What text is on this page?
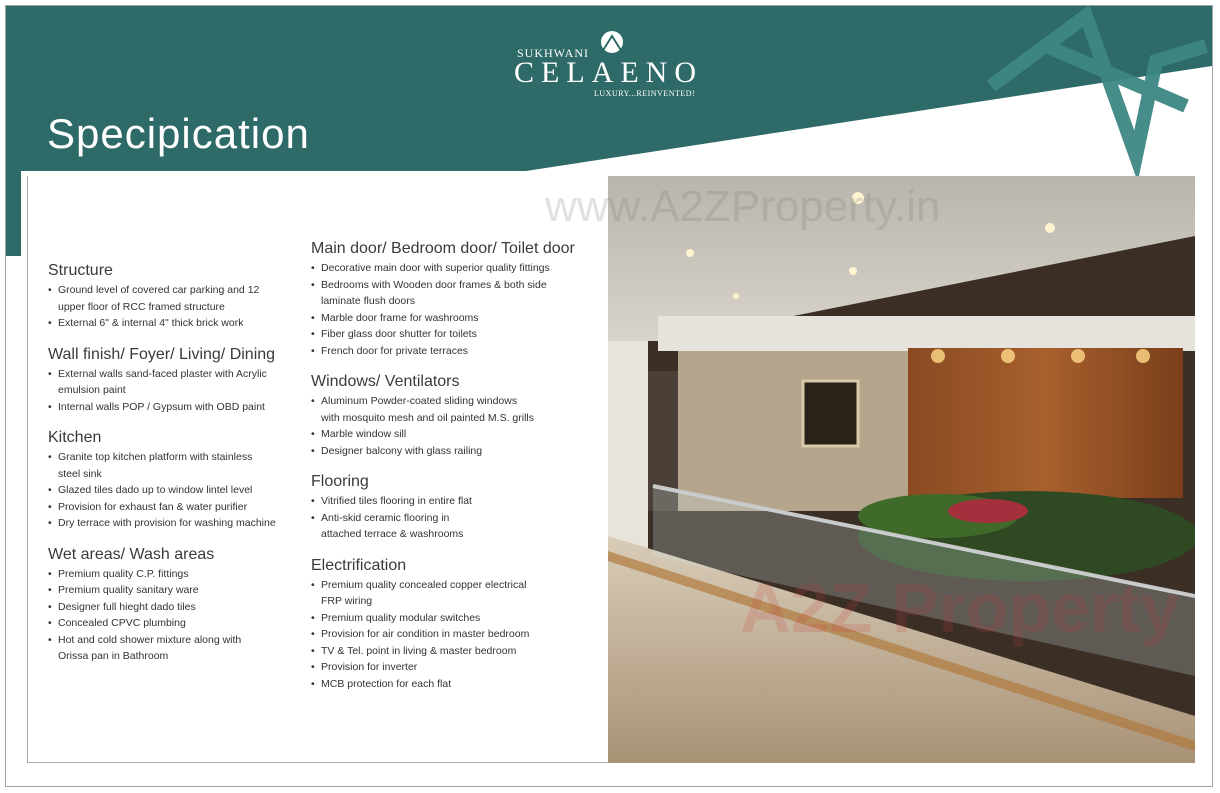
SUKHWANI
CELAENO
LUXURY...REINVENTED!
Specipication
Structure
• Ground level of covered car parking and 12
upper floor of RCC framed structure
• External 6" & internal 4" thick brick work
Wall finish/ Foyer/ Living/ Dining
• External walls sand-faced plaster with Acrylic
emulsion paint
• Internal walls POP / Gypsum with OBD paint
Kitchen
• Granite top kitchen platform with stainless
steel sink
• Glazed tiles dado up to window lintel level
• Provision for exhaust fan & water purifier
• Dry terrace with provision for washing machine
Wet areas/ Wash areas
• Premium quality C.P. fittings
• Premium quality sanitary ware
• Designer full hieght dado tiles
• Concealed CPVC plumbing
• Hot and cold shower mixture along with
Orissa pan in Bathroom
Main door/ Bedroom door/ Toilet door
• Decorative main door with superior quality fittings
• Bedrooms with Wooden door frames & both side
laminate flush doors
• Marble door frame for washrooms
• Fiber glass door shutter for toilets
• French door for private terraces
Windows/ Ventilators
• Aluminum Powder-coated sliding windows
with mosquito mesh and oil painted M.S. grills
• Marble window sill
• Designer balcony with glass railing
Flooring
• Vitrified tiles flooring in entire flat
• Anti-skid ceramic flooring in
attached terrace & washrooms
Electrification
• Premium quality concealed copper electrical
FRP wiring
• Premium quality modular switches
• Provision for air condition in master bedroom
• TV & Tel. point in living & master bedroom
• Provision for inverter
• MCB protection for each flat
www.A2ZProperty.in
A2Z Property
